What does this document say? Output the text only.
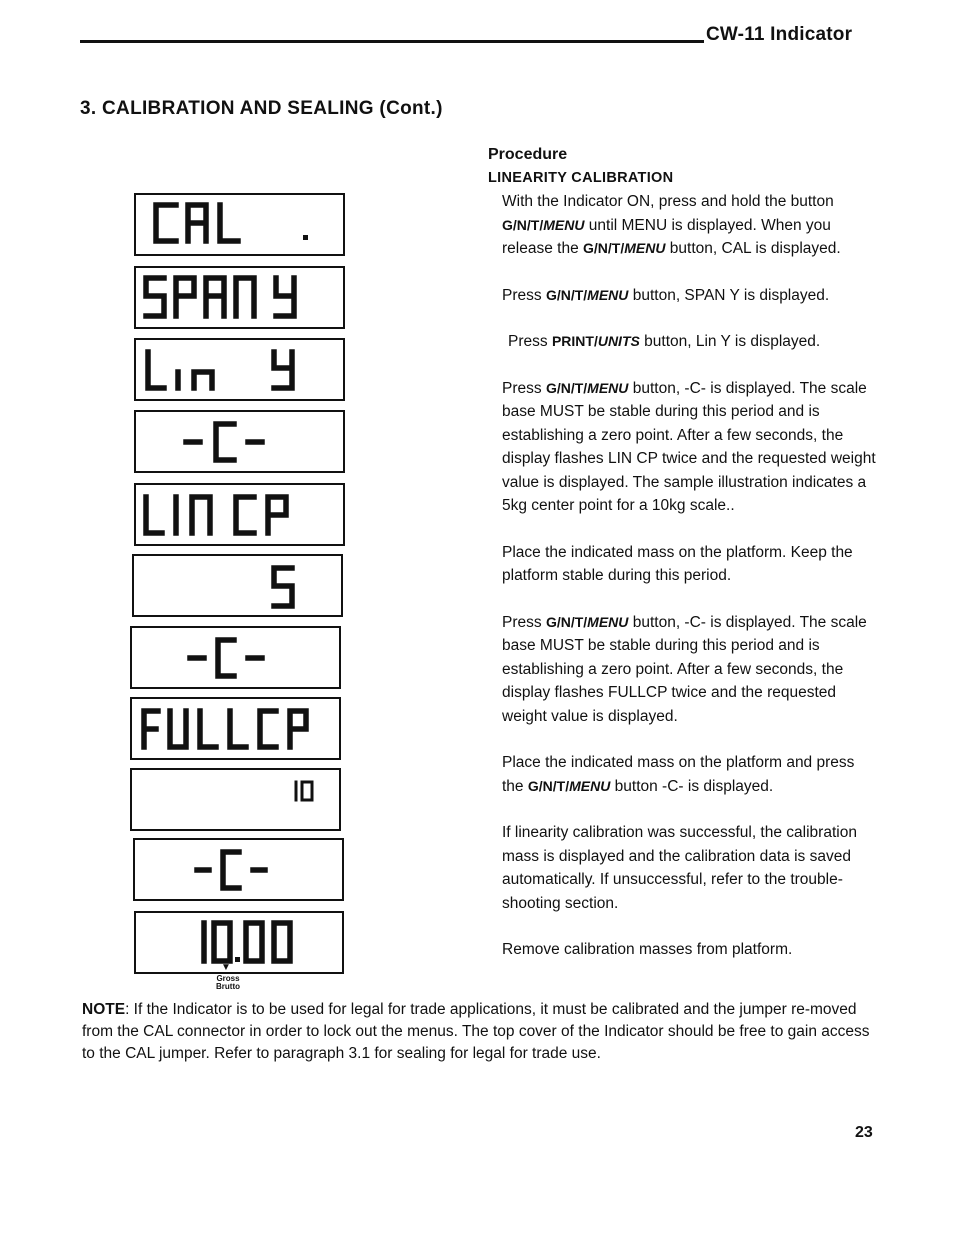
CW-11 Indicator
3. CALIBRATION AND SEALING (Cont.)
▼
Gross
Brutto
Procedure
LINEARITY CALIBRATION
With the Indicator ON, press and hold the button G/N/T/MENU until MENU is displayed. When you release the G/N/T/MENU button, CAL is displayed.
Press G/N/T/MENU button, SPAN Y is displayed.
Press PRINT/UNITS button, Lin Y is displayed.
Press G/N/T/MENU button, -C- is displayed. The scale base MUST be stable during this period and is establishing a zero point. After a few seconds, the display flashes LIN CP twice and the requested weight value is displayed. The sample illustration indicates a 5kg center point for a 10kg scale..
Place the indicated mass on the platform. Keep the platform stable during this period.
Press G/N/T/MENU button, -C- is displayed. The scale base MUST be stable during this period and is establishing a zero point. After a few seconds, the display flashes FULLCP twice and the requested weight value is displayed.
Place the indicated mass on the platform and press the G/N/T/MENU button -C- is displayed.
If linearity calibration was successful, the calibration mass is displayed and the calibration data is saved automatically. If unsuccessful, refer to the trouble-shooting section.
Remove calibration masses from platform.
NOTE: If the Indicator is to be used for legal for trade applications, it must be calibrated and the jumper re-moved from the CAL connector in order to lock out the menus. The top cover of the Indicator should be free to gain access to the CAL jumper. Refer to paragraph 3.1 for sealing for legal for trade use.
23
